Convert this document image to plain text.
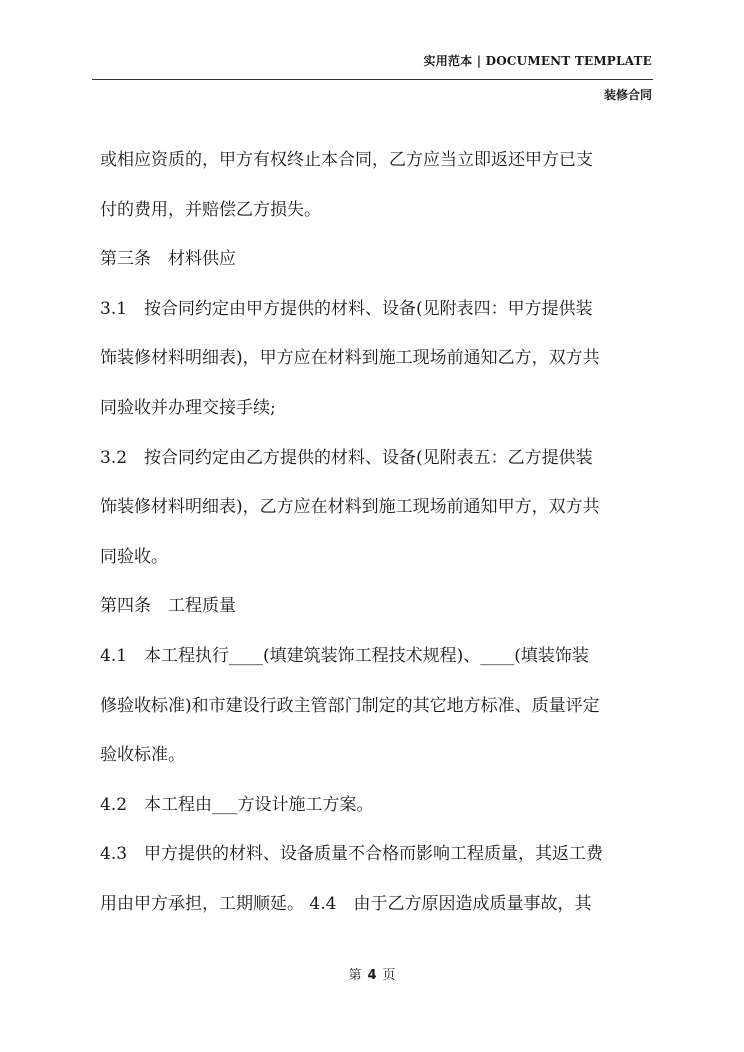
实用范本 | DOCUMENT TEMPLATE
装修合同
或相应资质的，甲方有权终止本合同，乙方应当立即返还甲方已支
付的费用，并赔偿乙方损失。
第三条　材料供应
3.1　按合同约定由甲方提供的材料、设备(见附表四：甲方提供装
饰装修材料明细表)，甲方应在材料到施工现场前通知乙方，双方共
同验收并办理交接手续;
3.2　按合同约定由乙方提供的材料、设备(见附表五：乙方提供装
饰装修材料明细表)，乙方应在材料到施工现场前通知甲方，双方共
同验收。
第四条　工程质量
4.1　本工程执行____(填建筑装饰工程技术规程)、____(填装饰装
修验收标准)和市建设行政主管部门制定的其它地方标准、质量评定
验收标准。
4.2　本工程由___方设计施工方案。
4.3　甲方提供的材料、设备质量不合格而影响工程质量，其返工费
用由甲方承担，工期顺延。 4.4　由于乙方原因造成质量事故，其
第 4 页
